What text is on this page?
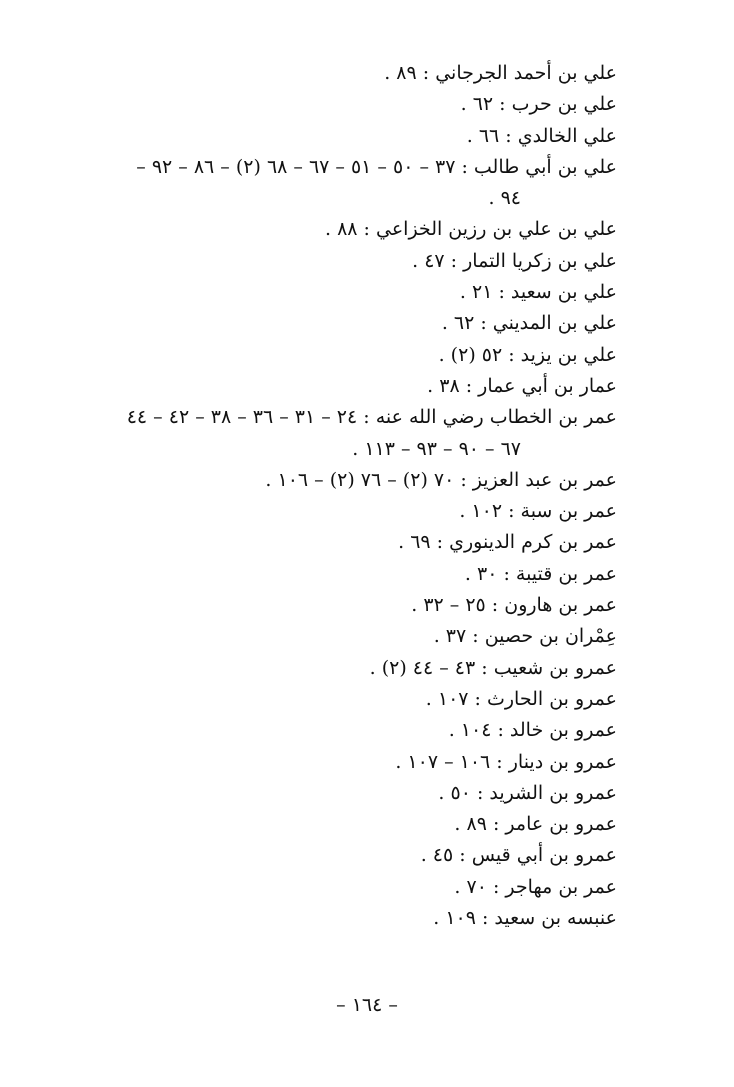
علي بن أحمد الجرجاني : ٨٩ .

علي بن حرب : ٦٢ .

علي الخالدي : ٦٦ .

علي بن أبي طالب : ٣٧ – ٥٠ – ٥١ – ٦٧ – ٦٨ (٢) – ٨٦ – ٩٢ –
٩٤ .

علي بن علي بن رزين الخزاعي : ٨٨ .

علي بن زكريا التمار : ٤٧ .

علي بن سعيد : ٢١ .

علي بن المديني : ٦٢ .

علي بن يزيد : ٥٢ (٢) .

عمار بن أبي عمار : ٣٨ .

عمر بن الخطاب رضي الله عنه : ٢٤ – ٣١ – ٣٦ – ٣٨ – ٤٢ – ٤٤
٦٧ – ٩٠ – ٩٣ – ١١٣ .

عمر بن عبد العزيز : ٧٠ (٢) – ٧٦ (٢) – ١٠٦ .

عمر بن سبة : ١٠٢ .

عمر بن كرم الدينوري : ٦٩ .

عمر بن قتيبة : ٣٠ .

عمر بن هارون : ٢٥ – ٣٢ .

عِمْران بن حصين : ٣٧ .

عمرو بن شعيب : ٤٣ – ٤٤ (٢) .

عمرو بن الحارث : ١٠٧ .

عمرو بن خالد : ١٠٤ .

عمرو بن دينار : ١٠٦ – ١٠٧ .

عمرو بن الشريد : ٥٠ .

عمرو بن عامر : ٨٩ .

عمرو بن أبي قيس : ٤٥ .

عمر بن مهاجر : ٧٠ .

عنبسه بن سعيد : ١٠٩ .

– ١٦٤ –
